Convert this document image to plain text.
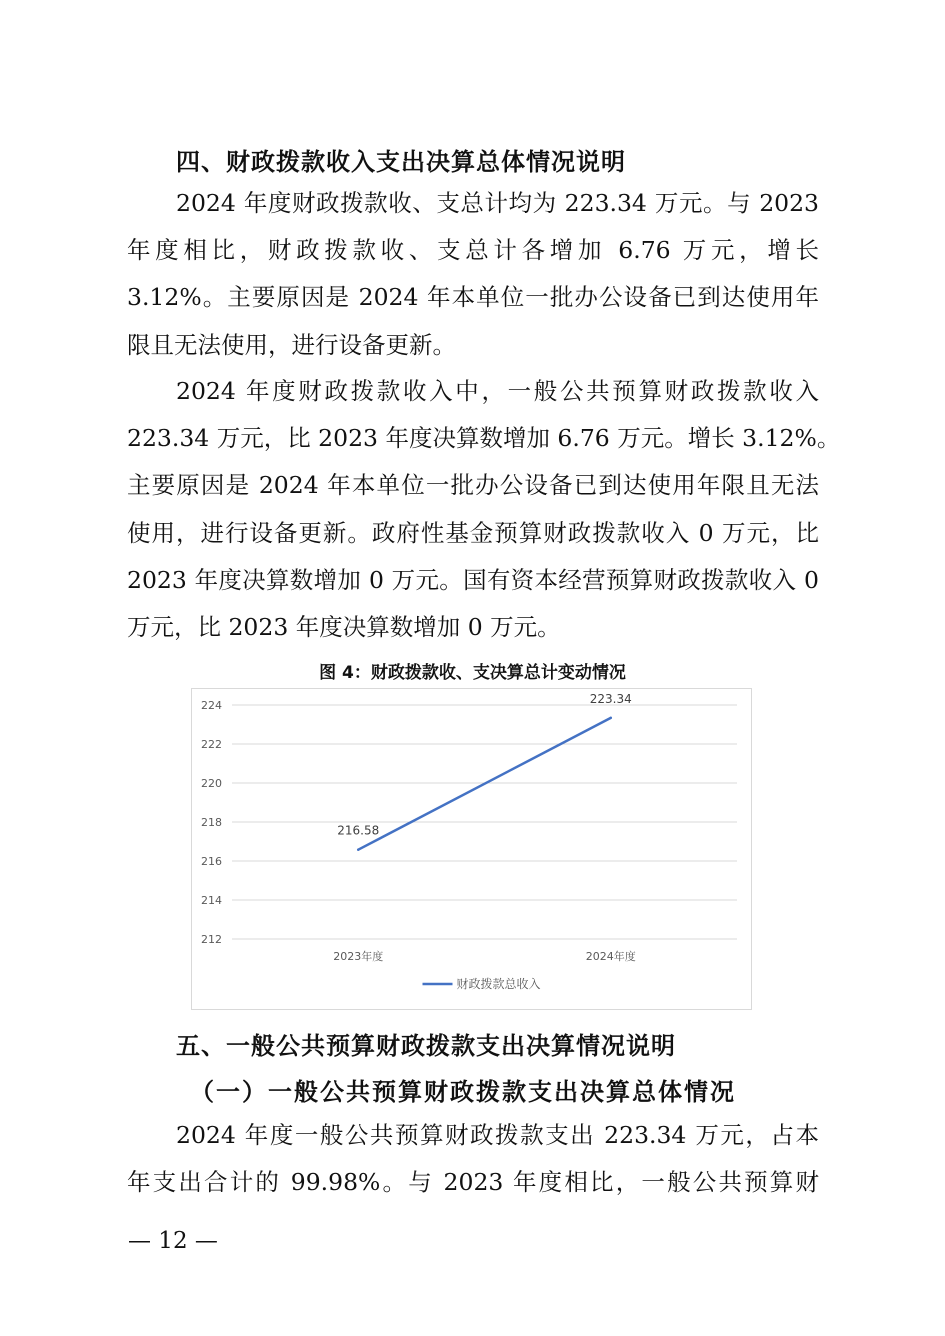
四、财政拨款收入支出决算总体情况说明
2024 年度财政拨款收、支总计均为 223.34 万元。与 2023
年度相比，财政拨款收、支总计各增加 6.76 万元，增长
3.12%。主要原因是 2024 年本单位一批办公设备已到达使用年
限且无法使用，进行设备更新。
2024 年度财政拨款收入中，一般公共预算财政拨款收入
223.34 万元，比 2023 年度决算数增加 6.76 万元。增长 3.12%。
主要原因是 2024 年本单位一批办公设备已到达使用年限且无法
使用，进行设备更新。政府性基金预算财政拨款收入 0 万元，比
2023 年度决算数增加 0 万元。国有资本经营预算财政拨款收入 0
万元，比 2023 年度决算数增加 0 万元。
图 4：财政拨款收、支决算总计变动情况
212
214
216
218
220
222
224
2023年度	2024年度
216.58
223.34
财政拨款总收入
五、一般公共预算财政拨款支出决算情况说明
（一）一般公共预算财政拨款支出决算总体情况
2024 年度一般公共预算财政拨款支出 223.34 万元，占本
年支出合计的 99.98%。与 2023 年度相比，一般公共预算财
— 12 —
